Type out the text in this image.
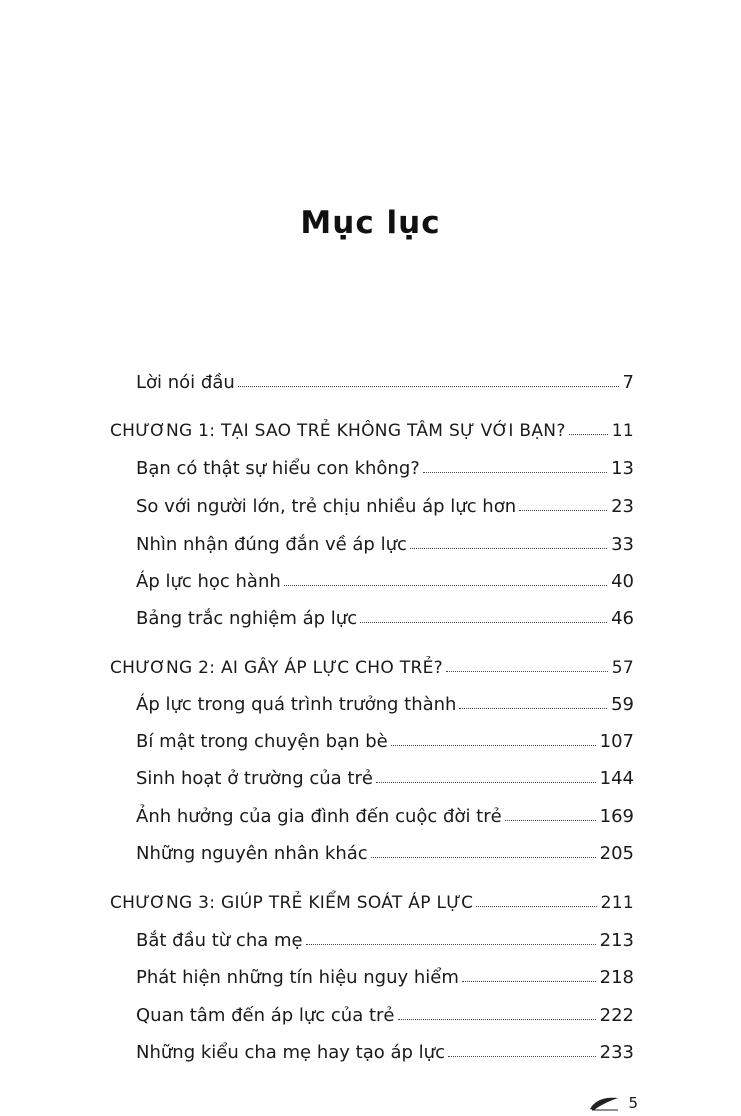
Mục lục
Lời nói đầu	7
CHƯƠNG 1: TẠI SAO TRẺ KHÔNG TÂM SỰ VỚI BẠN?	11
Bạn có thật sự hiểu con không?	13
So với người lớn, trẻ chịu nhiều áp lực hơn	23
Nhìn nhận đúng đắn về áp lực	33
Áp lực học hành	40
Bảng trắc nghiệm áp lực	46
CHƯƠNG 2: AI GÂY ÁP LỰC CHO TRẺ?	57
Áp lực trong quá trình trưởng thành	59
Bí mật trong chuyện bạn bè	107
Sinh hoạt ở trường của trẻ	144
Ảnh hưởng của gia đình đến cuộc đời trẻ	169
Những nguyên nhân khác	205
CHƯƠNG 3: GIÚP TRẺ KIỂM SOÁT ÁP LỰC	211
Bắt đầu từ cha mẹ	213
Phát hiện những tín hiệu nguy hiểm	218
Quan tâm đến áp lực của trẻ	222
Những kiểu cha mẹ hay tạo áp lực	233
5
